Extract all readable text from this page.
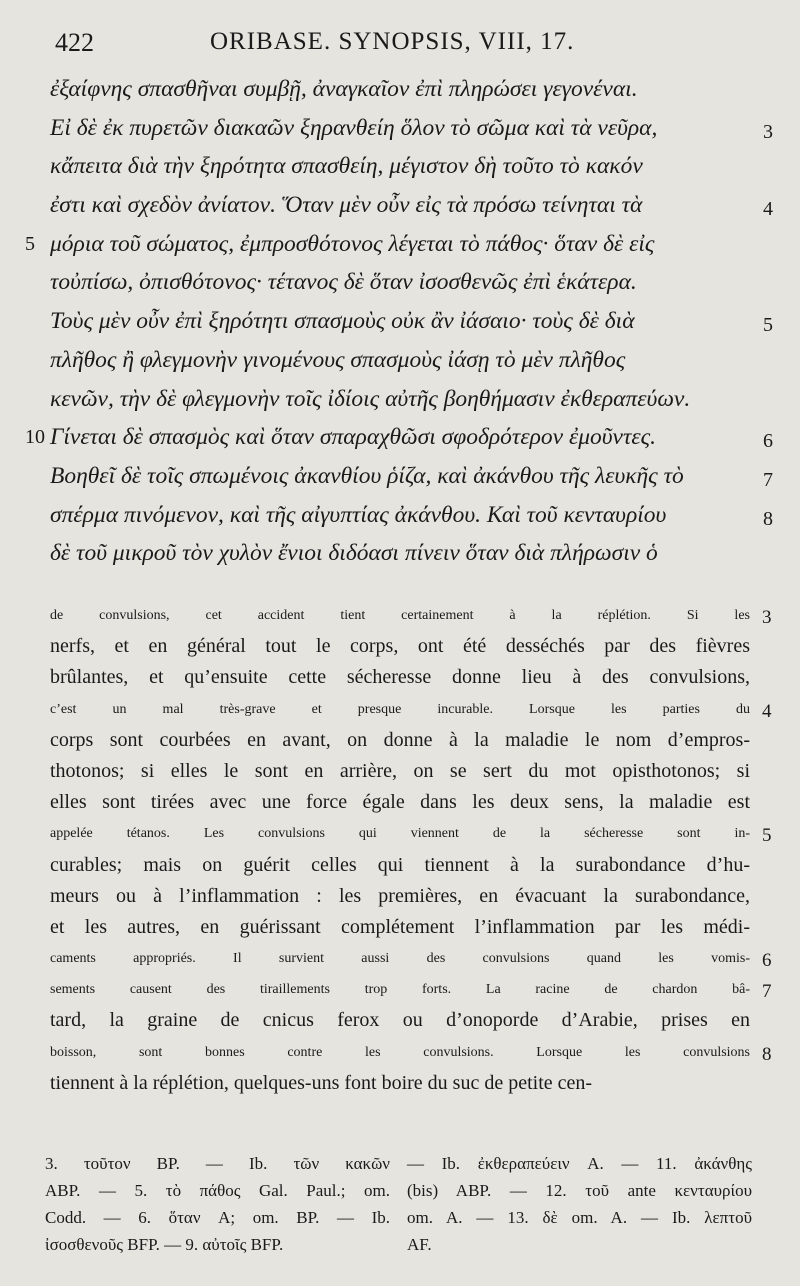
422	ORIBASE. SYNOPSIS, VIII, 17.
ἐξαίφνης σπασθῆναι συμβῇ, ἀναγκαῖον ἐπὶ πληρώσει γεγονέναι.
Εἰ δὲ ἐκ πυρετῶν διακαῶν ξηρανθείη ὅλον τὸ σῶμα καὶ τὰ νεῦρα,	3
κἄπειτα διὰ τὴν ξηρότητα σπασθείη, μέγιστον δὴ τοῦτο τὸ κακόν
ἐστι καὶ σχεδὸν ἀνίατον. Ὅταν μὲν οὖν εἰς τὰ πρόσω τείνηται τὰ	4
μόρια τοῦ σώματος, ἐμπροσθότονος λέγεται τὸ πάθος· ὅταν δὲ εἰς
5
τοὐπίσω, ὀπισθότονος· τέτανος δὲ ὅταν ἰσοσθενῶς ἐπὶ ἑκάτερα.
Τοὺς μὲν οὖν ἐπὶ ξηρότητι σπασμοὺς οὐκ ἂν ἰάσαιο· τοὺς δὲ διὰ	5
πλῆθος ἢ φλεγμονὴν γινομένους σπασμοὺς ἰάσῃ τὸ μὲν πλῆθος
κενῶν, τὴν δὲ φλεγμονὴν τοῖς ἰδίοις αὐτῆς βοηθήμασιν ἐκθεραπεύων.
Γίνεται δὲ σπασμὸς καὶ ὅταν σπαραχθῶσι σφοδρότερον ἐμοῦντες.
10	6
Βοηθεῖ δὲ τοῖς σπωμένοις ἀκανθίου ῥίζα, καὶ ἀκάνθου τῆς λευκῆς τὸ	7
σπέρμα πινόμενον, καὶ τῆς αἰγυπτίας ἀκάνθου. Καὶ τοῦ κενταυρίου	8
δὲ τοῦ μικροῦ τὸν χυλὸν ἔνιοι διδόασι πίνειν ὅταν διὰ πλήρωσιν ὁ
de convulsions, cet accident tient certainement à la réplétion. Si les 3
nerfs, et en général tout le corps, ont été desséchés par des fièvres
brûlantes, et qu’ensuite cette sécheresse donne lieu à des convulsions,
c’est un mal très-grave et presque incurable. Lorsque les parties du 4
corps sont courbées en avant, on donne à la maladie le nom d’empros-
thotonos; si elles le sont en arrière, on se sert du mot opisthotonos; si
elles sont tirées avec une force égale dans les deux sens, la maladie est
appelée tétanos. Les convulsions qui viennent de la sécheresse sont in- 5
curables; mais on guérit celles qui tiennent à la surabondance d’hu-
meurs ou à l’inflammation : les premières, en évacuant la surabondance,
et les autres, en guérissant complétement l’inflammation par les médi-
caments appropriés. Il survient aussi des convulsions quand les vomis- 6
sements causent des tiraillements trop forts. La racine de chardon bâ- 7
tard, la graine de cnicus ferox ou d’onoporde d’Arabie, prises en
boisson, sont bonnes contre les convulsions. Lorsque les convulsions 8
tiennent à la réplétion, quelques-uns font boire du suc de petite cen-
3. τοῦτον BP. — Ib. τῶν κακῶν
ABP. — 5. τὸ πάθος Gal. Paul.; om.
Codd. — 6. ὅταν A; om. BP. — Ib.
ἰσοσθενοῦς BFP. — 9. αὐτοῖς BFP.
— Ib. ἐκθεραπεύειν A. — 11. ἀκάνθης
(bis) ABP. — 12. τοῦ ante κενταυρίου
om. A. — 13. δὲ om. A. — Ib. λεπτοῦ
AF.
